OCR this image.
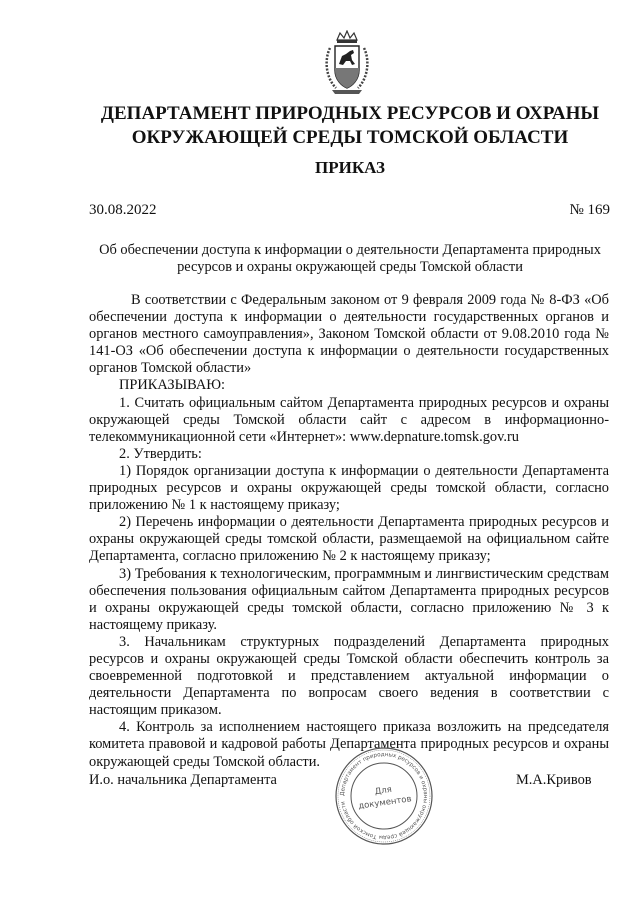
ДЕПАРТАМЕНТ ПРИРОДНЫХ РЕСУРСОВ И ОХРАНЫ
ОКРУЖАЮЩЕЙ СРЕДЫ ТОМСКОЙ ОБЛАСТИ
ПРИКАЗ
30.08.2022	№ 169
Об обеспечении доступа к информации о деятельности Департамента природных
ресурсов и охраны окружающей среды Томской области

В соответствии с Федеральным законом от 9 февраля 2009 года № 8-ФЗ «Об обеспечении доступа к информации о деятельности государственных органов и органов местного самоуправления», Законом Томской области от 9.08.2010 года № 141-ОЗ «Об обеспечении доступа к информации о деятельности государственных органов Томской области»

ПРИКАЗЫВАЮ:

1. Считать официальным сайтом Департамента природных ресурсов и охраны окружающей среды Томской области сайт с адресом в информационно-телекоммуникационной сети «Интернет»: www.depnature.tomsk.gov.ru

2. Утвердить:

1) Порядок организации доступа к информации о деятельности Департамента природных ресурсов и охраны окружающей среды томской области, согласно приложению № 1 к настоящему приказу;

2) Перечень информации о деятельности Департамента природных ресурсов и охраны окружающей среды томской области, размещаемой на официальном сайте Департамента, согласно приложению № 2 к настоящему приказу;

3) Требования к технологическим, программным и лингвистическим средствам обеспечения пользования официальным сайтом Департамента природных ресурсов и охраны окружающей среды томской области, согласно приложению № 3 к настоящему приказу.

3. Начальникам структурных подразделений Департамента природных ресурсов и охраны окружающей среды Томской области обеспечить контроль за своевременной подготовкой и представлением актуальной информации о деятельности Департамента по вопросам своего ведения в соответствии с настоящим приказом.

4. Контроль за исполнением настоящего приказа возложить на председателя комитета правовой и кадровой работы Департамента природных ресурсов и охраны окружающей среды Томской области.

И.о. начальника Департамента	М.А.Кривов
Департамент природных ресурсов и охраны окружающей среды Томской области
Для
документов
